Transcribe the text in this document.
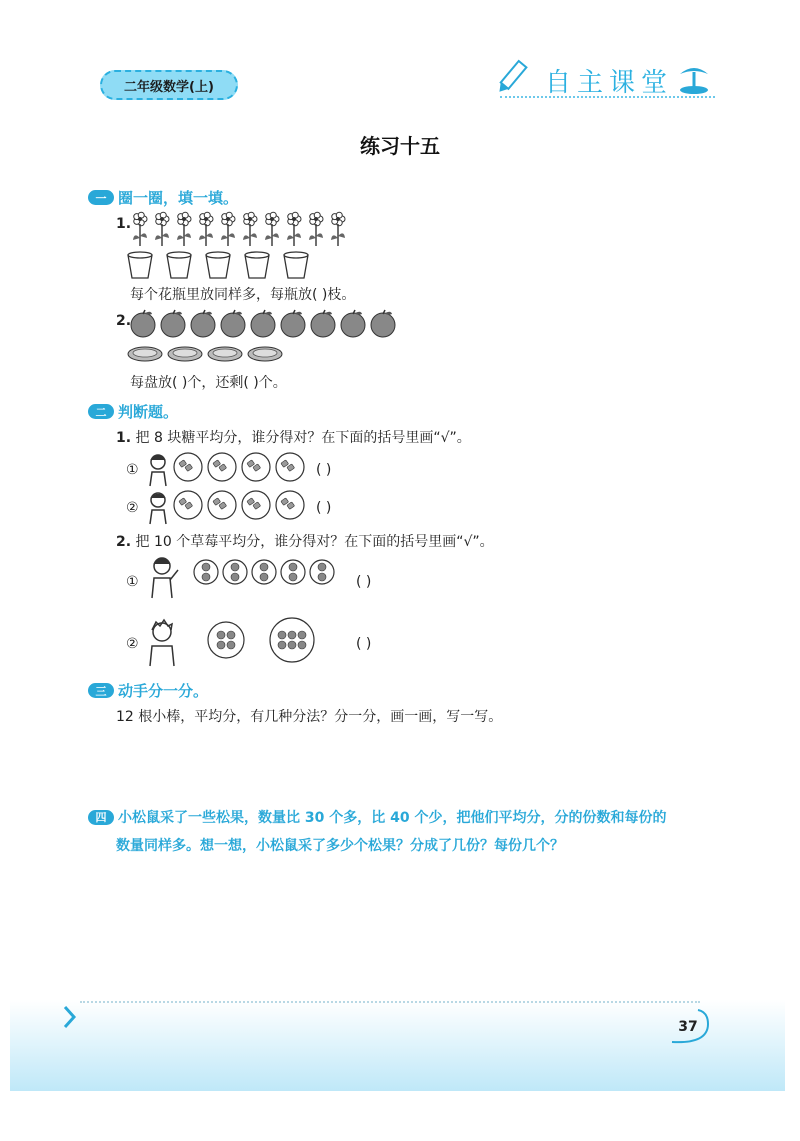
二年级数学(上)	自主课堂
练习十五
一 圈一圈，填一填。
1.
每个花瓶里放同样多，每瓶放( )枝。
2.
每盘放( )个，还剩( )个。
二 判断题。
1. 把 8 块糖平均分，谁分得对？在下面的括号里画“√”。
①	( )
②	( )
2. 把 10 个草莓平均分，谁分得对？在下面的括号里画“√”。
①	( )
②	( )
三 动手分一分。
12 根小棒，平均分，有几种分法？分一分，画一画，写一写。
四 小松鼠采了一些松果，数量比 30 个多，比 40 个少，把他们平均分，分的份数和每份的
数量同样多。想一想，小松鼠采了多少个松果？分成了几份？每份几个？
37
